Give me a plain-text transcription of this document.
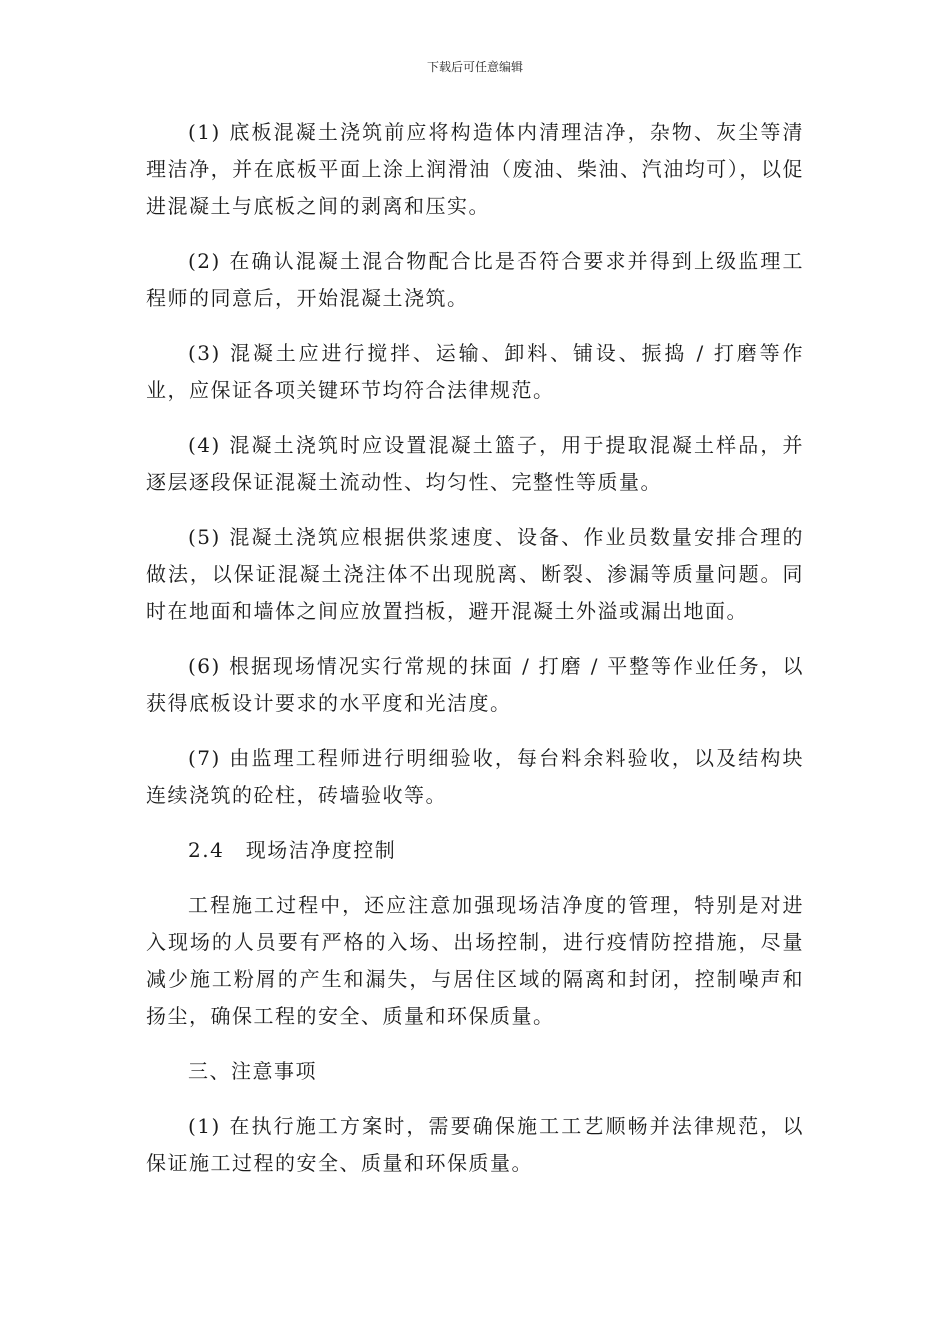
下载后可任意编辑

(1) 底板混凝土浇筑前应将构造体内清理洁净，杂物、灰尘等清理洁净，并在底板平面上涂上润滑油（废油、柴油、汽油均可），以促进混凝土与底板之间的剥离和压实。

(2) 在确认混凝土混合物配合比是否符合要求并得到上级监理工程师的同意后，开始混凝土浇筑。

(3) 混凝土应进行搅拌、运输、卸料、铺设、振捣 / 打磨等作业，应保证各项关键环节均符合法律规范。

(4) 混凝土浇筑时应设置混凝土篮子，用于提取混凝土样品，并逐层逐段保证混凝土流动性、均匀性、完整性等质量。

(5) 混凝土浇筑应根据供浆速度、设备、作业员数量安排合理的做法，以保证混凝土浇注体不出现脱离、断裂、渗漏等质量问题。同时在地面和墙体之间应放置挡板，避开混凝土外溢或漏出地面。

(6) 根据现场情况实行常规的抹面 / 打磨 / 平整等作业任务，以获得底板设计要求的水平度和光洁度。

(7) 由监理工程师进行明细验收，每台料余料验收，以及结构块连续浇筑的砼柱，砖墙验收等。

2.4　现场洁净度控制

工程施工过程中，还应注意加强现场洁净度的管理，特别是对进入现场的人员要有严格的入场、出场控制，进行疫情防控措施，尽量减少施工粉屑的产生和漏失，与居住区域的隔离和封闭，控制噪声和扬尘，确保工程的安全、质量和环保质量。

三、注意事项

(1) 在执行施工方案时，需要确保施工工艺顺畅并法律规范，以保证施工过程的安全、质量和环保质量。
